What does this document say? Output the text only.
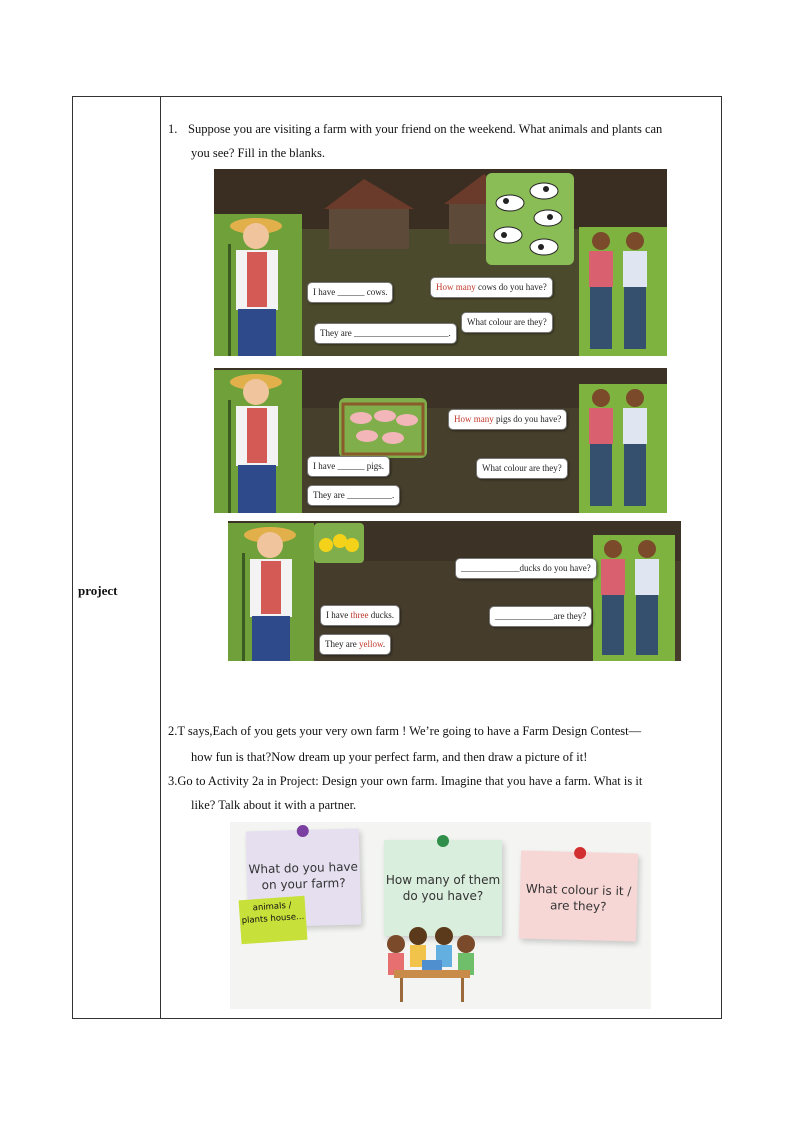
project
1. Suppose you are visiting a farm with your friend on the weekend. What animals and plants can
you see? Fill in the blanks.
I have ______ cows.
They are _____________________.
How many cows do you have?
What colour are they?
I have ______ pigs.
They are __________.
How many pigs do you have?
What colour are they?
I have three ducks.
They are yellow.
_____________ducks do you have?
_____________are they?
2.T says,Each of you gets your very own farm ! We’re going to have a Farm Design Contest—
how fun is that?Now dream up your perfect farm, and then draw a picture of it!
3.Go to Activity 2a in Project: Design your own farm. Imagine that you have a farm. What is it
like? Talk about it with a partner.
What do you have on your farm?
animals / plants house...
How many of them do you have?	What colour is it / are they?
